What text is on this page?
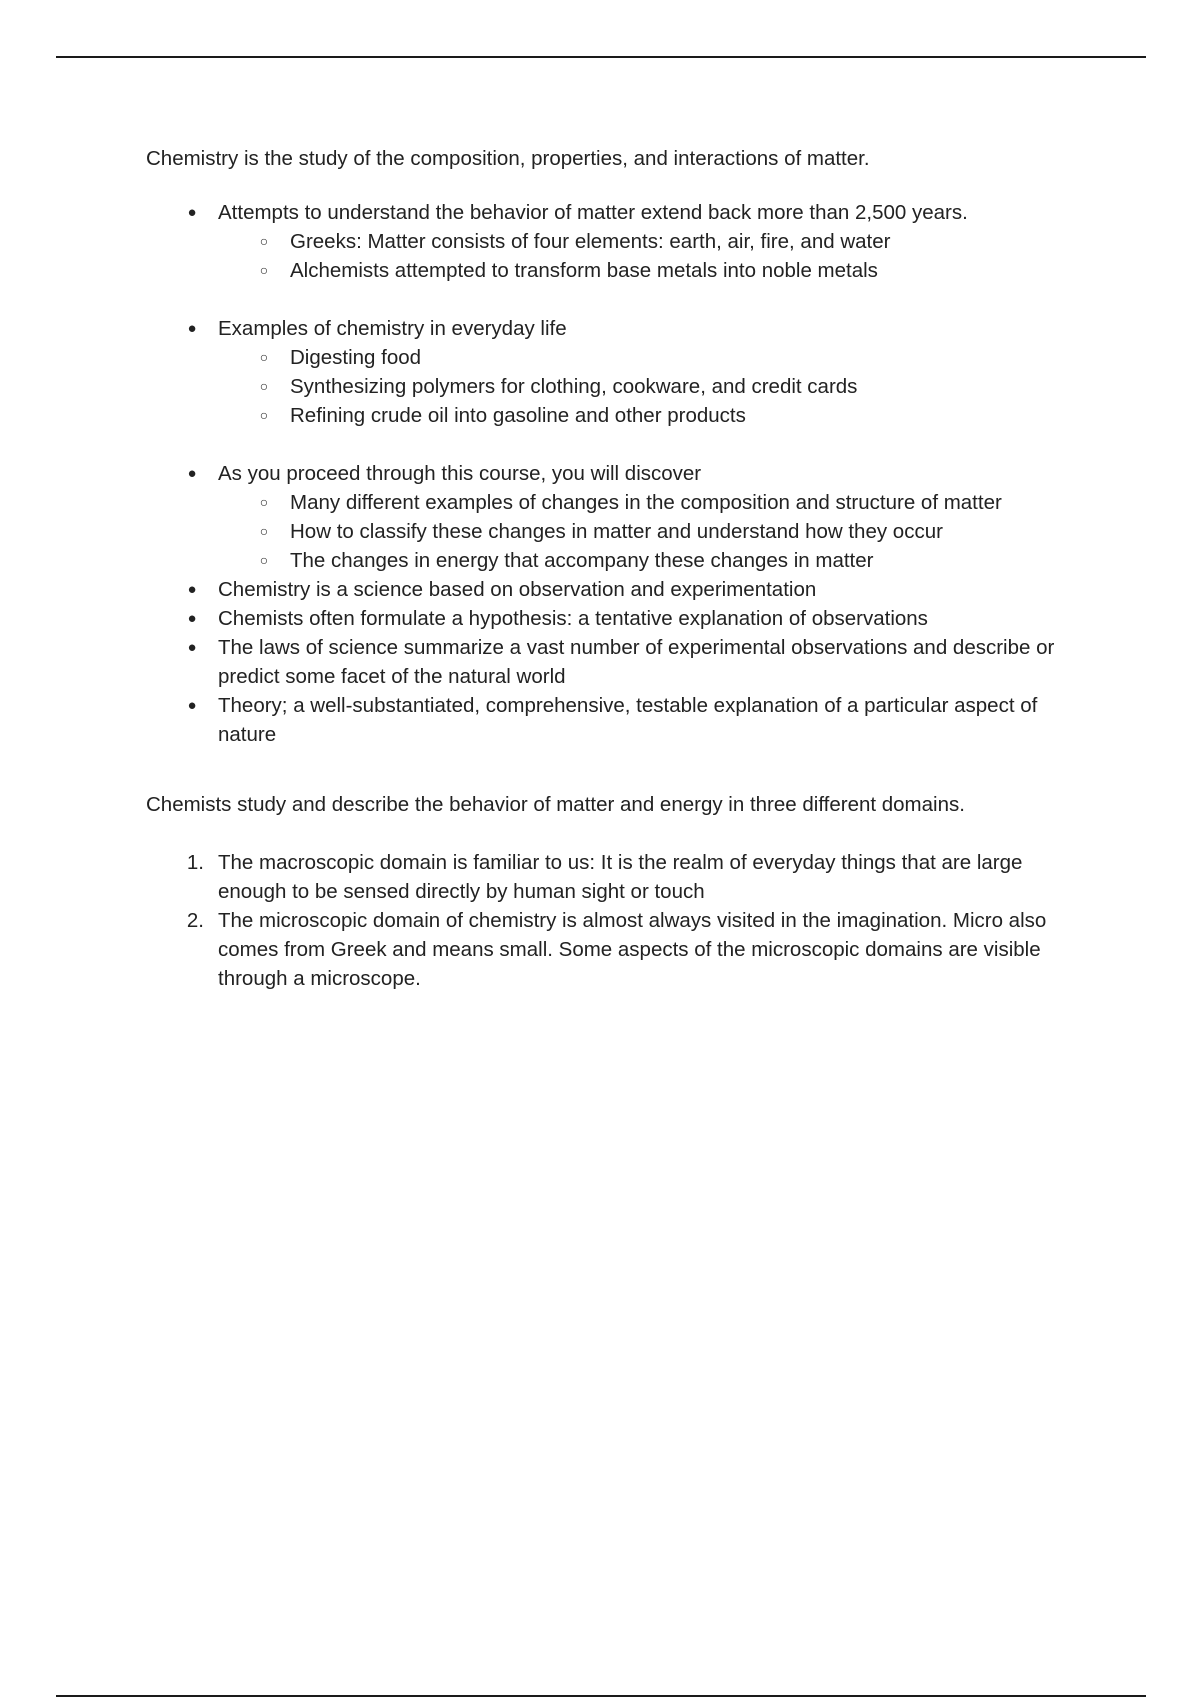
Chemistry is the study of the composition, properties, and interactions of matter.

● Attempts to understand the behavior of matter extend back more than 2,500 years.
○ Greeks: Matter consists of four elements: earth, air, fire, and water
○ Alchemists attempted to transform base metals into noble metals
● Examples of chemistry in everyday life
○ Digesting food
○ Synthesizing polymers for clothing, cookware, and credit cards
○ Refining crude oil into gasoline and other products
● As you proceed through this course, you will discover
○ Many different examples of changes in the composition and structure of matter
○ How to classify these changes in matter and understand how they occur
○ The changes in energy that accompany these changes in matter
● Chemistry is a science based on observation and experimentation
● Chemists often formulate a hypothesis: a tentative explanation of observations
● The laws of science summarize a vast number of experimental observations and describe or predict some facet of the natural world
● Theory; a well-substantiated, comprehensive, testable explanation of a particular aspect of nature

Chemists study and describe the behavior of matter and energy in three different domains.

1. The macroscopic domain is familiar to us: It is the realm of everyday things that are large enough to be sensed directly by human sight or touch
2. The microscopic domain of chemistry is almost always visited in the imagination. Micro also comes from Greek and means small. Some aspects of the microscopic domains are visible through a microscope.
